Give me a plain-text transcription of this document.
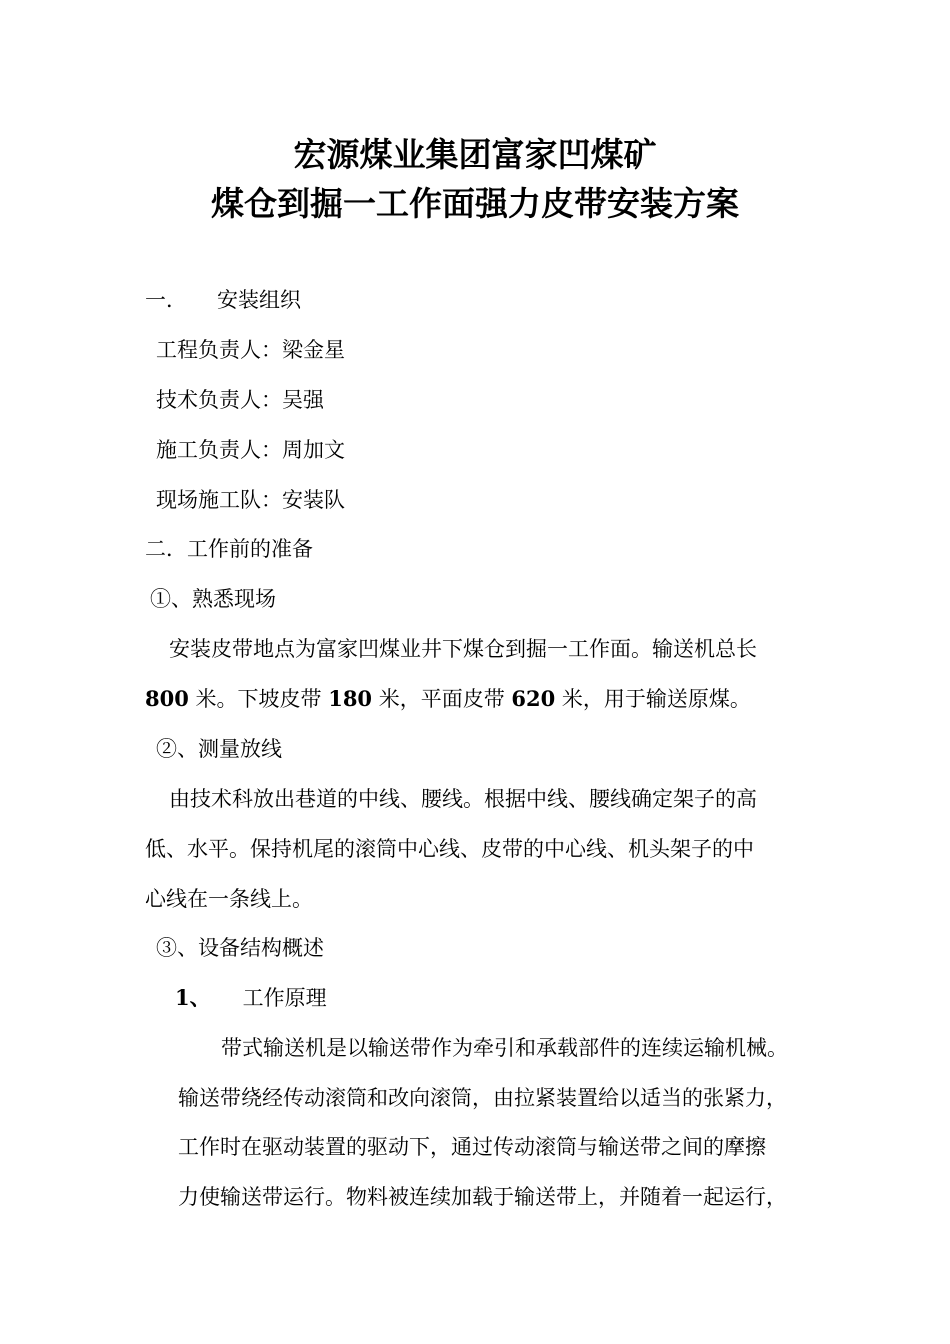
宏源煤业集团富家凹煤矿
煤仓到掘一工作面强力皮带安装方案
一． 安装组织
工程负责人：梁金星
技术负责人：吴强
施工负责人：周加文
现场施工队：安装队
二．工作前的准备
①、熟悉现场
安装皮带地点为富家凹煤业井下煤仓到掘一工作面。输送机总长
800 米。下坡皮带 180 米，平面皮带 620 米，用于输送原煤。
②、测量放线
由技术科放出巷道的中线、腰线。根据中线、腰线确定架子的高
低、水平。保持机尾的滚筒中心线、皮带的中心线、机头架子的中
心线在一条线上。
③、设备结构概述
1、 工作原理
带式输送机是以输送带作为牵引和承载部件的连续运输机械。
输送带绕经传动滚筒和改向滚筒，由拉紧装置给以适当的张紧力，
工作时在驱动装置的驱动下，通过传动滚筒与输送带之间的摩擦
力使输送带运行。物料被连续加载于输送带上，并随着一起运行，
